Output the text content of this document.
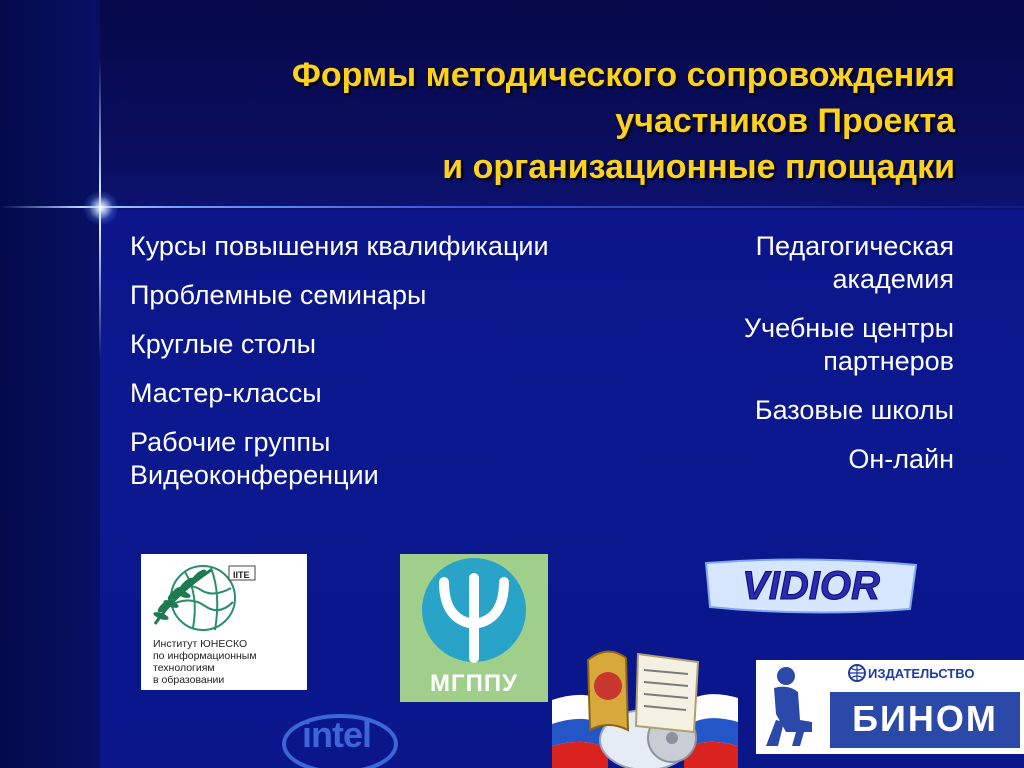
Формы методического сопровождения
участников Проекта
и организационные площадки
Курсы повышения квалификации
Проблемные семинары
Круглые столы
Мастер-классы
Рабочие группы
Видеоконференции
Педагогическая академия
Учебные центры партнеров
Базовые школы
Он-лайн
IITE
Институт ЮНЕСКО
по информационным
технологиям
в образовании	МГППУ
intel
VIDIOR
ИЗДАТЕЛЬСТВО
БИНОМ
